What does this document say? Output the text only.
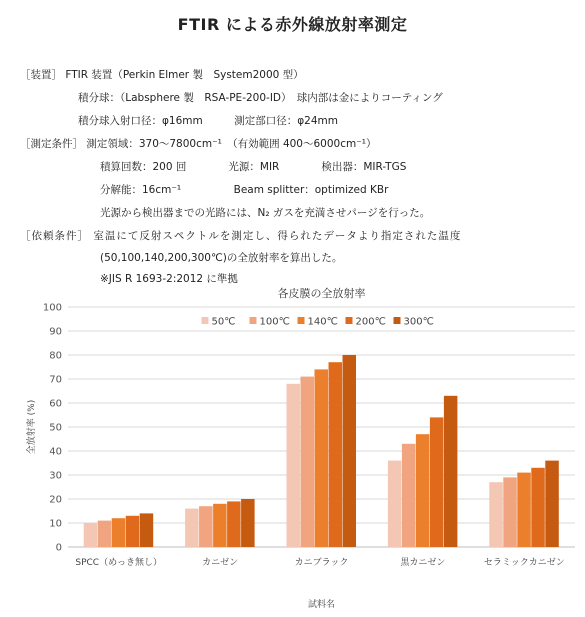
FTIR による赤外線放射率測定
［装置］ FTIR 装置（Perkin Elmer 製　System2000 型）
積分球：（Labsphere 製　RSA-PE-200-ID）　球内部は金によりコーティング
積分球入射口径：φ16mm　　　測定部口径：φ24mm
［測定条件］ 測定領域：370～7800cm⁻¹　（有効範囲 400～6000cm⁻¹）
積算回数：200 回　　　　光源：MIR　　　　検出器：MIR-TGS
分解能：16cm⁻¹　　　　　Beam splitter：optimized KBr
光源から検出器までの光路には、N₂ ガスを充満させパージを行った。
［依頼条件］ 室温にて反射スペクトルを測定し、得られたデータより指定された温度
(50,100,140,200,300℃)の全放射率を算出した。
※JIS R 1693-2:2012 に準拠
0
10
20
30
40
50
60
70
80
90
100
SPCC（めっき無し）	カニゼン	カニブラック	黒カニゼン	セラミックカニゼン
各皮膜の全放射率
50℃ 100℃ 140℃ 200℃ 300℃
全放射率 (%)
試料名
